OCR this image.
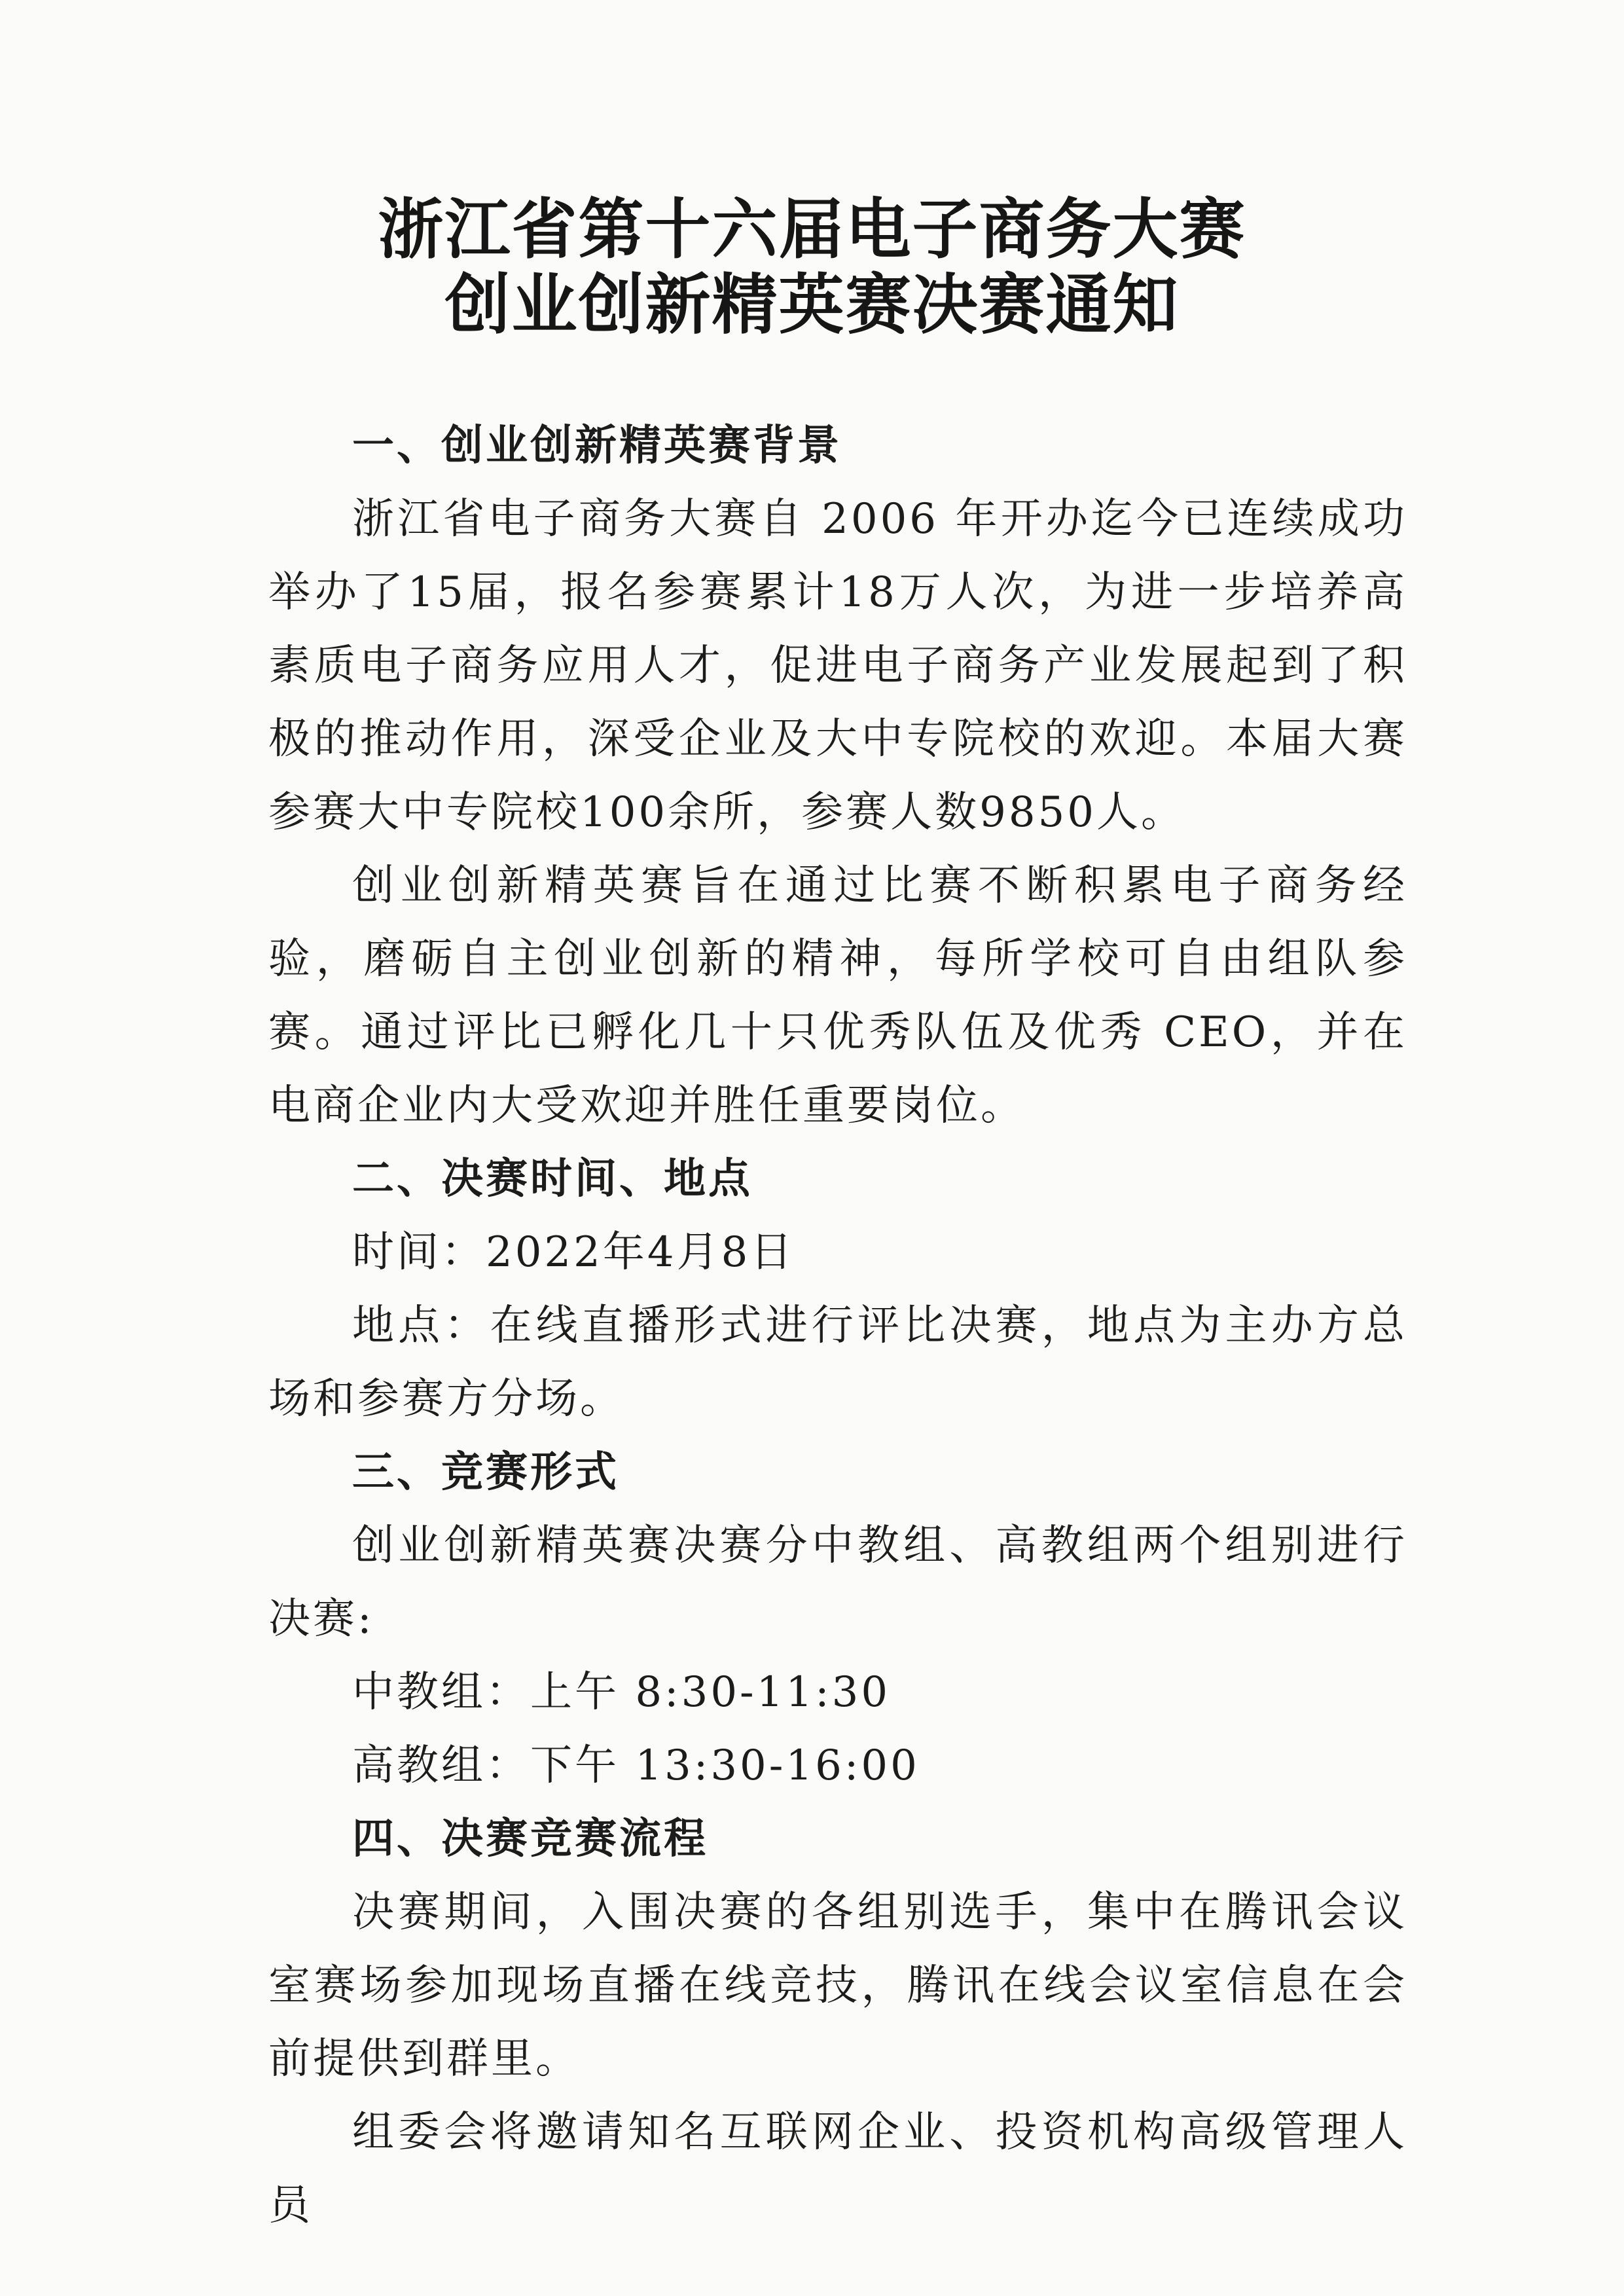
浙江省第十六届电子商务大赛
创业创新精英赛决赛通知

一、创业创新精英赛背景

浙江省电子商务大赛自 2006 年开办迄今已连续成功举办了15届，报名参赛累计18万人次，为进一步培养高素质电子商务应用人才，促进电子商务产业发展起到了积极的推动作用，深受企业及大中专院校的欢迎。本届大赛参赛大中专院校100余所，参赛人数9850人。

创业创新精英赛旨在通过比赛不断积累电子商务经验，磨砺自主创业创新的精神，每所学校可自由组队参赛。通过评比已孵化几十只优秀队伍及优秀 CEO，并在电商企业内大受欢迎并胜任重要岗位。

二、决赛时间、地点

时间：2022年4月8日

地点：在线直播形式进行评比决赛，地点为主办方总场和参赛方分场。

三、竞赛形式

创业创新精英赛决赛分中教组、高教组两个组别进行决赛:

中教组：上午 8:30-11:30

高教组：下午 13:30-16:00

四、决赛竞赛流程

决赛期间，入围决赛的各组别选手，集中在腾讯会议室赛场参加现场直播在线竞技，腾讯在线会议室信息在会前提供到群里。

组委会将邀请知名互联网企业、投资机构高级管理人员
